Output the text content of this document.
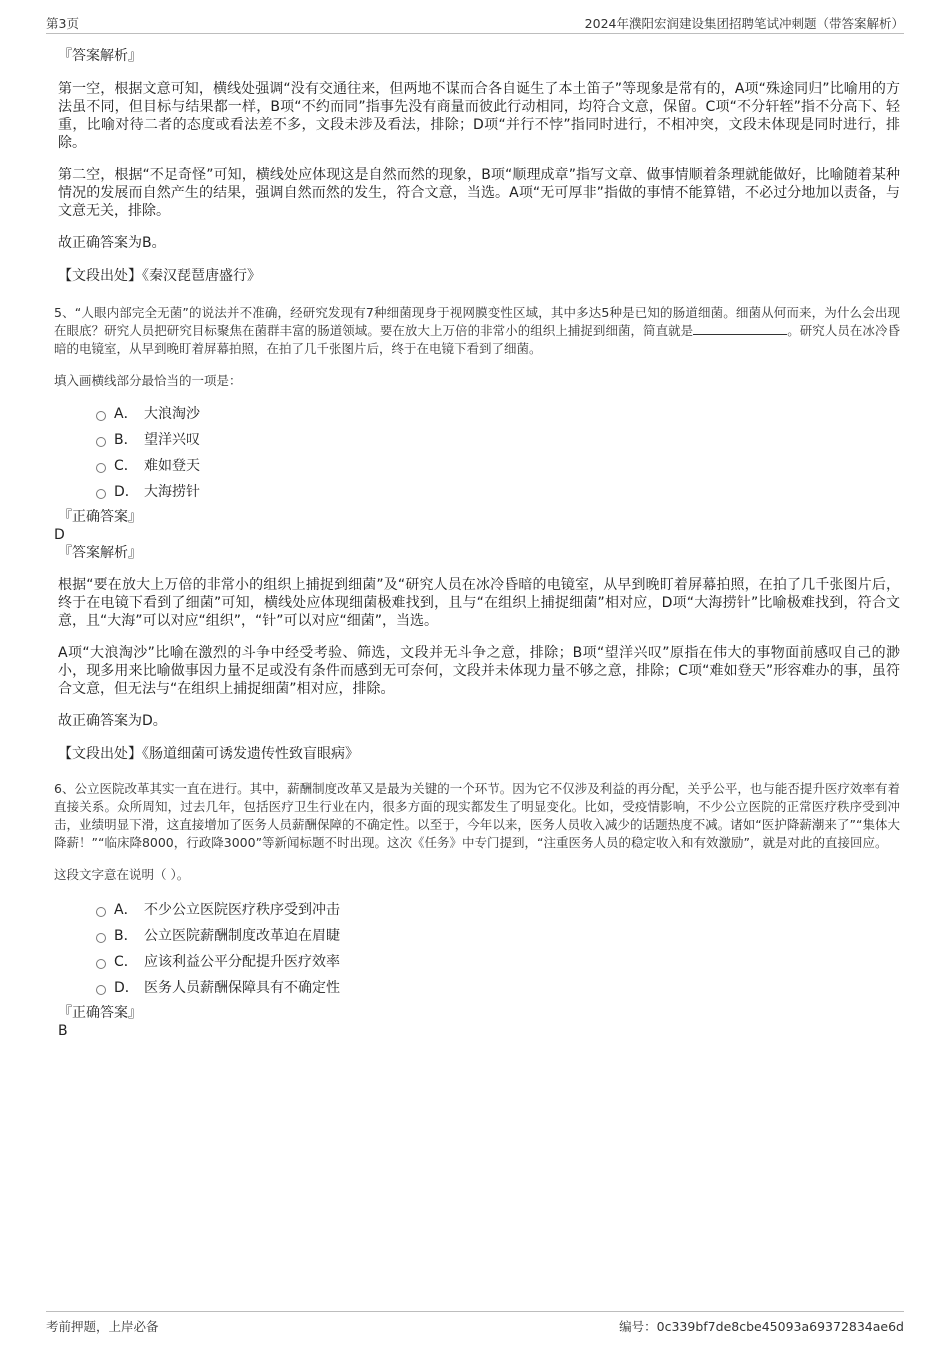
第3页	2024年濮阳宏润建设集团招聘笔试冲刺题（带答案解析）
『答案解析』

第一空，根据文意可知，横线处强调“没有交通往来，但两地不谋而合各自诞生了本土笛子”等现象是常有的，A项“殊途同归”比喻用的方法虽不同，但目标与结果都一样，B项“不约而同”指事先没有商量而彼此行动相同，均符合文意，保留。C项“不分轩轾”指不分高下、轻重，比喻对待二者的态度或看法差不多，文段未涉及看法，排除；D项“并行不悖”指同时进行，不相冲突，文段未体现是同时进行，排除。

第二空，根据“不足奇怪”可知，横线处应体现这是自然而然的现象，B项“顺理成章”指写文章、做事情顺着条理就能做好，比喻随着某种情况的发展而自然产生的结果，强调自然而然的发生，符合文意，当选。A项“无可厚非”指做的事情不能算错，不必过分地加以责备，与文意无关，排除。

故正确答案为B。

【文段出处】《秦汉琵琶唐盛行》

5、“人眼内部完全无菌”的说法并不准确，经研究发现有7种细菌现身于视网膜变性区域，其中多达5种是已知的肠道细菌。细菌从何而来，为什么会出现在眼底？研究人员把研究目标聚焦在菌群丰富的肠道领域。要在放大上万倍的非常小的组织上捕捉到细菌，简直就是	。研究人员在冰冷昏暗的电镜室，从早到晚盯着屏幕拍照，在拍了几千张图片后，终于在电镜下看到了细菌。

填入画横线部分最恰当的一项是：

A． 大浪淘沙
B． 望洋兴叹
C． 难如登天
D． 大海捞针

『正确答案』

D

『答案解析』

根据“要在放大上万倍的非常小的组织上捕捉到细菌”及“研究人员在冰冷昏暗的电镜室，从早到晚盯着屏幕拍照，在拍了几千张图片后，终于在电镜下看到了细菌”可知，横线处应体现细菌极难找到，且与“在组织上捕捉细菌”相对应，D项“大海捞针”比喻极难找到，符合文意，且“大海”可以对应“组织”，“针”可以对应“细菌”，当选。

A项“大浪淘沙”比喻在激烈的斗争中经受考验、筛选，文段并无斗争之意，排除；B项“望洋兴叹”原指在伟大的事物面前感叹自己的渺小，现多用来比喻做事因力量不足或没有条件而感到无可奈何，文段并未体现力量不够之意，排除；C项“难如登天”形容难办的事，虽符合文意，但无法与“在组织上捕捉细菌”相对应，排除。

故正确答案为D。

【文段出处】《肠道细菌可诱发遗传性致盲眼病》

6、公立医院改革其实一直在进行。其中，薪酬制度改革又是最为关键的一个环节。因为它不仅涉及利益的再分配，关乎公平，也与能否提升医疗效率有着直接关系。众所周知，过去几年，包括医疗卫生行业在内，很多方面的现实都发生了明显变化。比如，受疫情影响，不少公立医院的正常医疗秩序受到冲击，业绩明显下滑，这直接增加了医务人员薪酬保障的不确定性。以至于，今年以来，医务人员收入减少的话题热度不减。诸如“医护降薪潮来了”“集体大降薪！”“临床降8000，行政降3000”等新闻标题不时出现。这次《任务》中专门提到，“注重医务人员的稳定收入和有效激励”，就是对此的直接回应。

这段文字意在说明（ ）。

A． 不少公立医院医疗秩序受到冲击
B． 公立医院薪酬制度改革迫在眉睫
C． 应该利益公平分配提升医疗效率
D． 医务人员薪酬保障具有不确定性

『正确答案』

B

考前押题，上岸必备	编号：0c339bf7de8cbe45093a69372834ae6d
